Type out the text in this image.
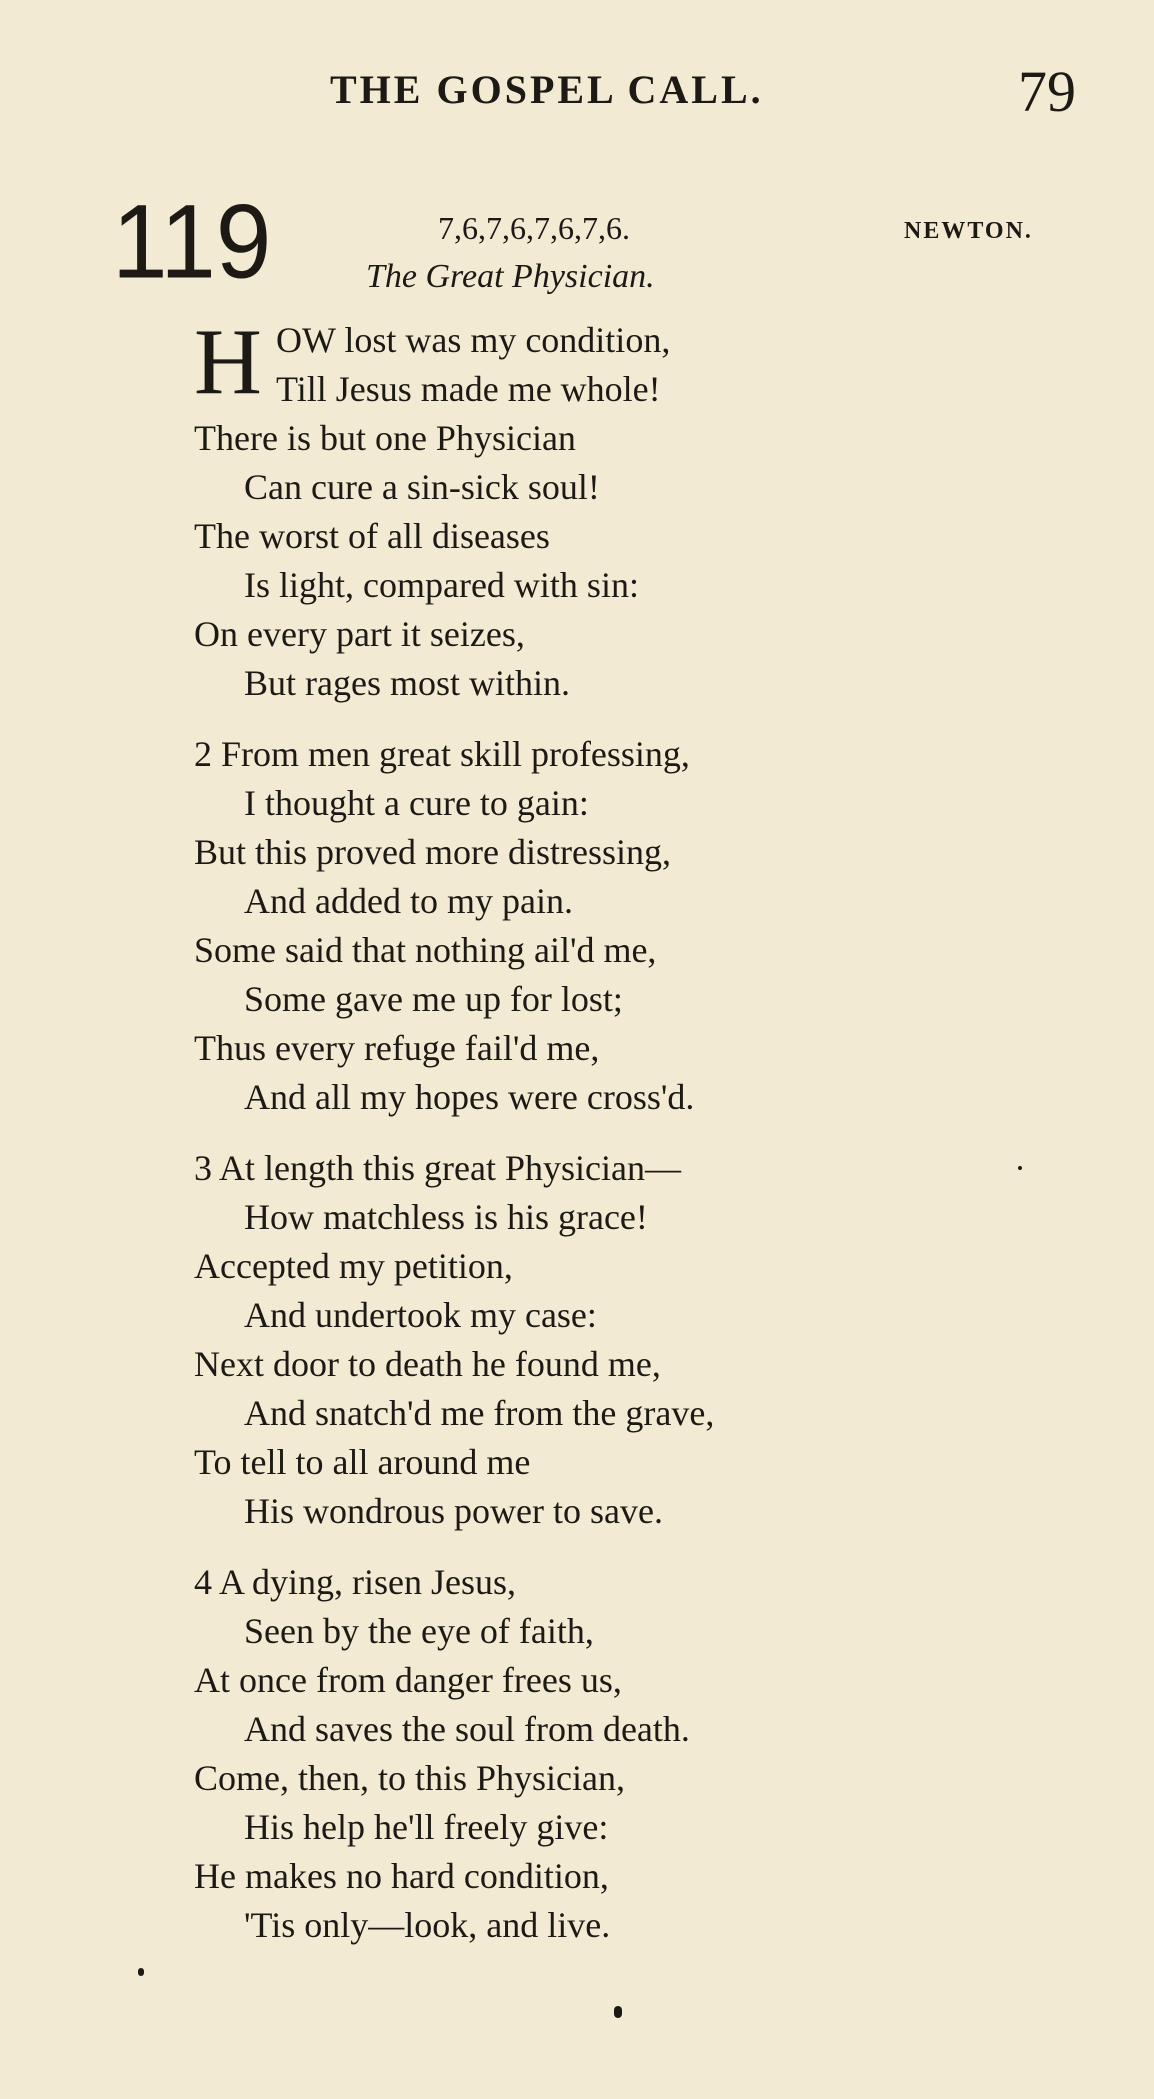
THE GOSPEL CALL.	79
119	7,6,7,6,7,6,7,6.	NEWTON.
The Great Physician.
H OW lost was my condition,
Till Jesus made me whole!
There is but one Physician
Can cure a sin-sick soul!
The worst of all diseases
Is light, compared with sin:
On every part it seizes,
But rages most within.
2 From men great skill professing,
I thought a cure to gain:
But this proved more distressing,
And added to my pain.
Some said that nothing ail'd me,
Some gave me up for lost;
Thus every refuge fail'd me,
And all my hopes were cross'd.
3 At length this great Physician—
How matchless is his grace!
Accepted my petition,
And undertook my case:
Next door to death he found me,
And snatch'd me from the grave,
To tell to all around me
His wondrous power to save.
4 A dying, risen Jesus,
Seen by the eye of faith,
At once from danger frees us,
And saves the soul from death.
Come, then, to this Physician,
His help he'll freely give:
He makes no hard condition,
'Tis only—look, and live.
